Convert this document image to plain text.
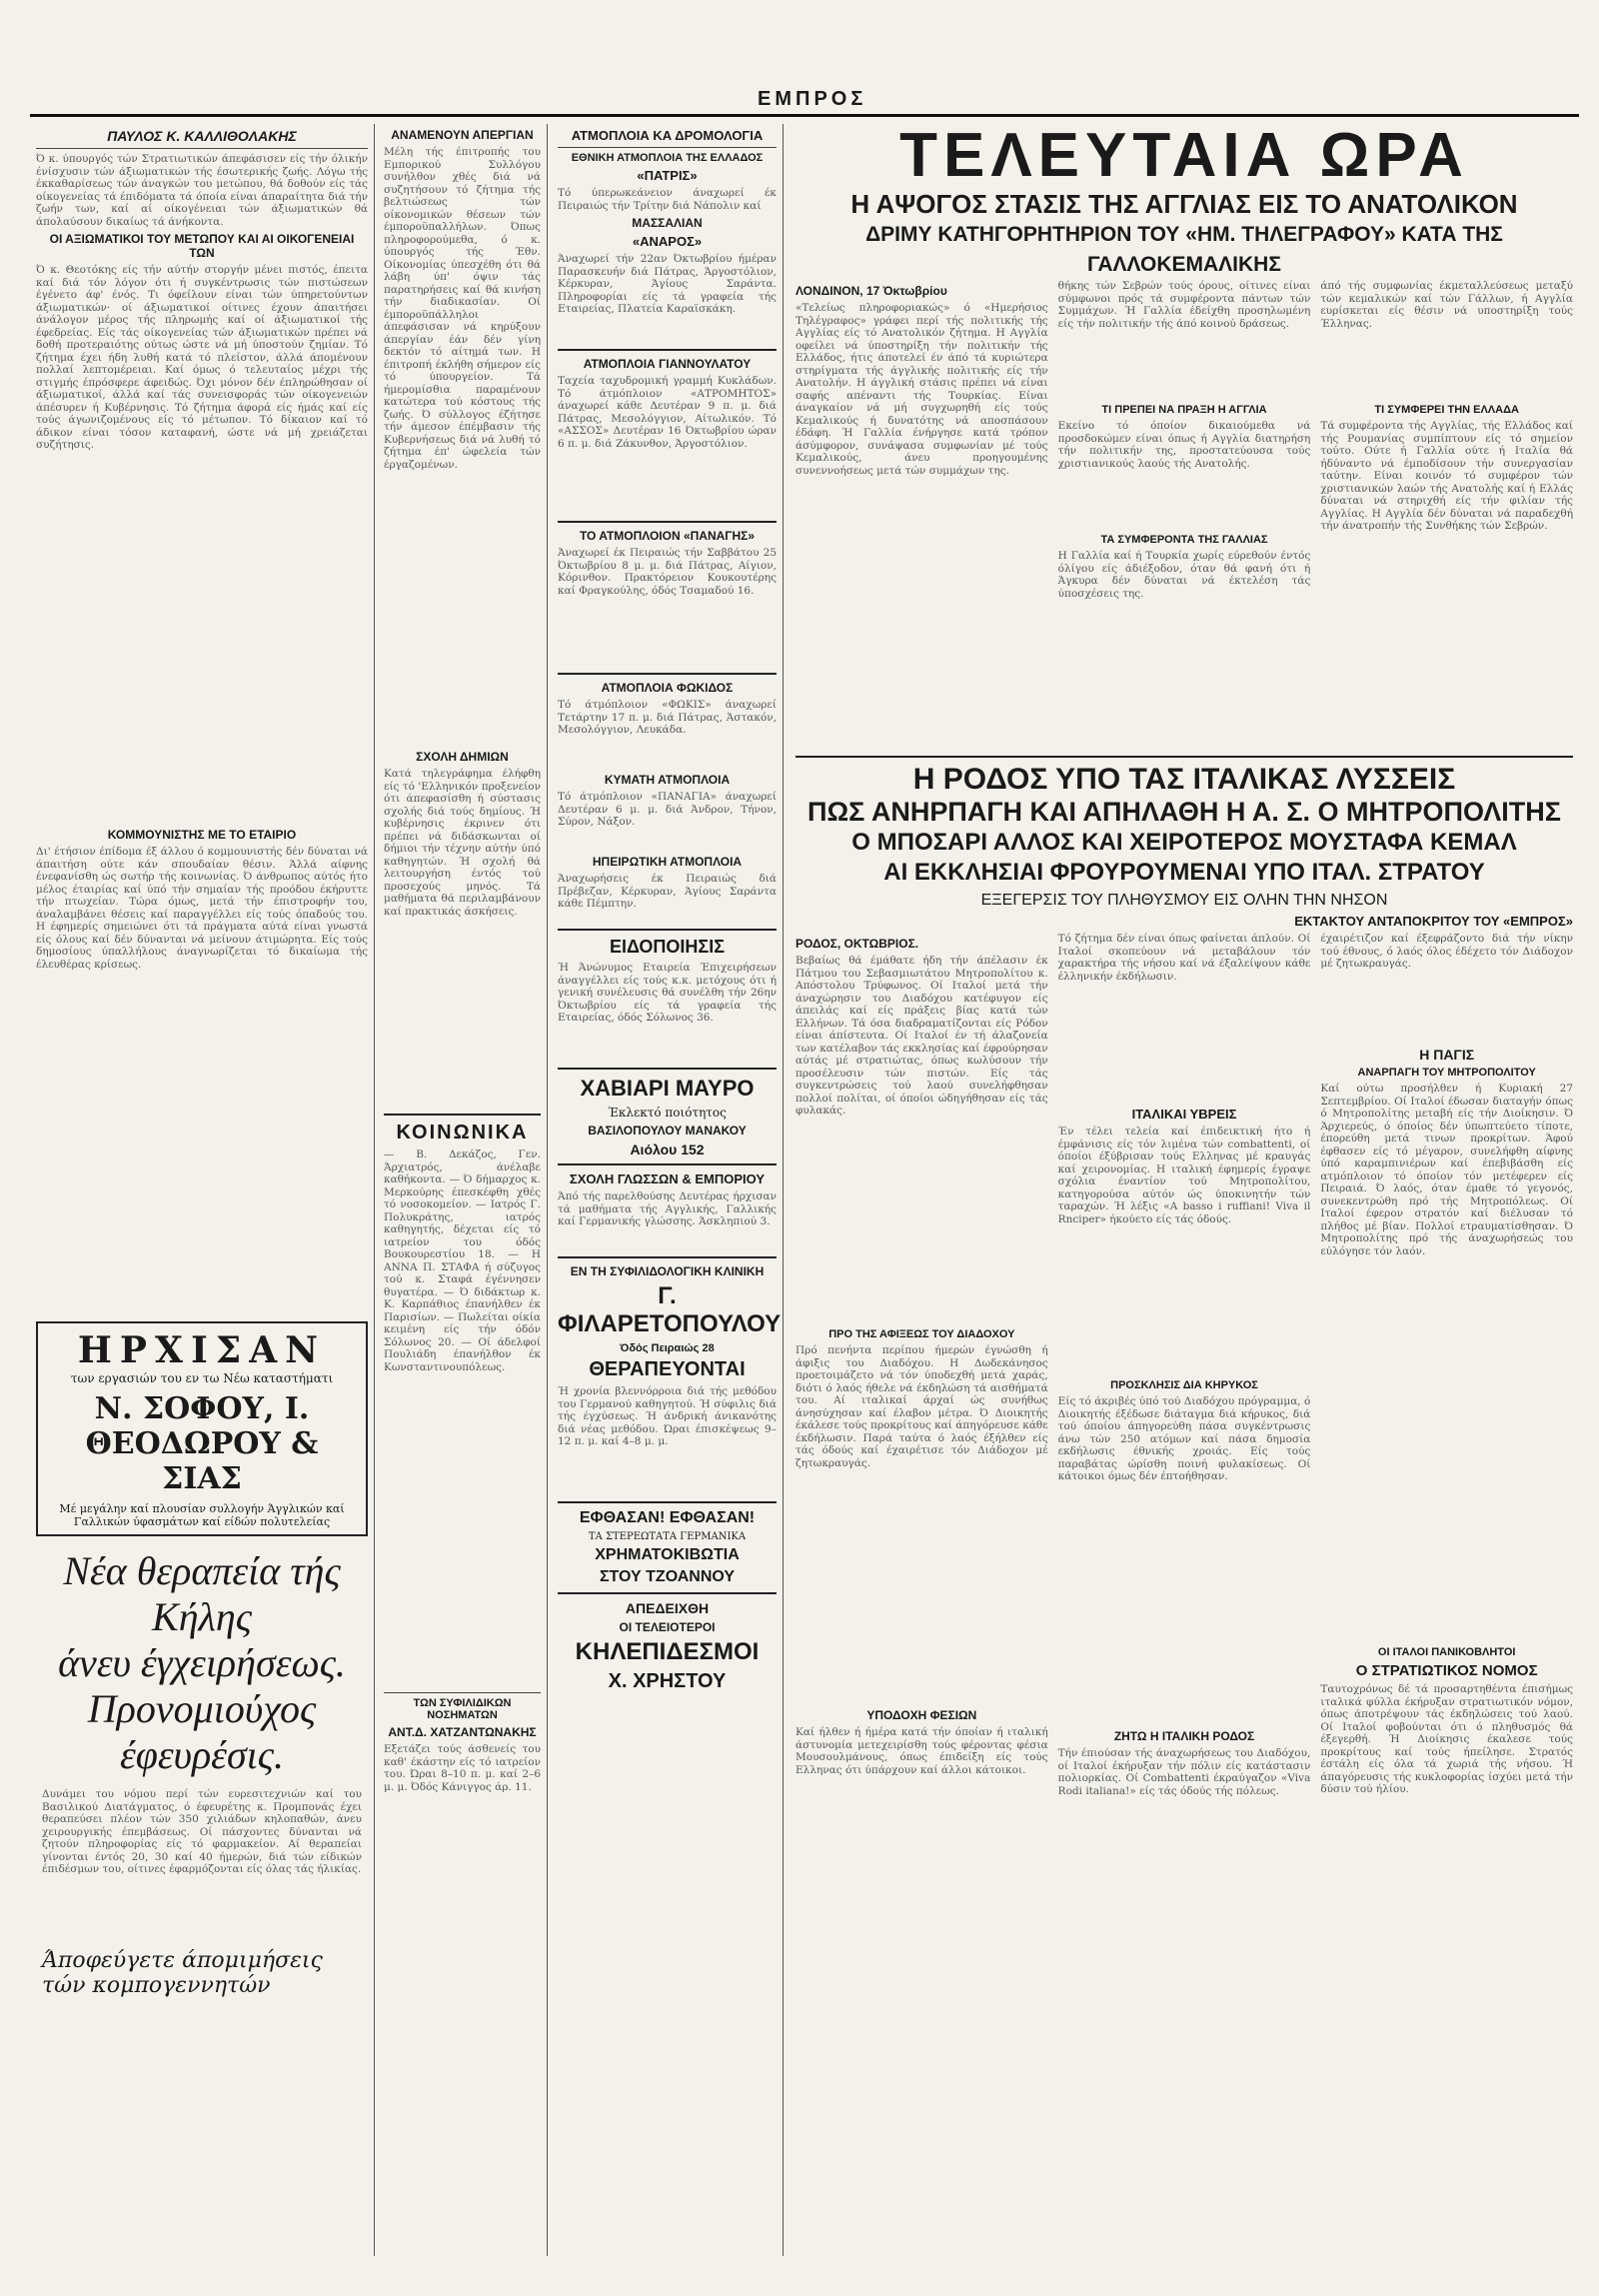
ΕΜΠΡΟΣ
ΠΑΥΛΟΣ Κ. ΚΑΛΛΙΘΟΛΑΚΗΣ
Ό κ. ύπουργός τών Στρατιωτικών άπεφάσισεν είς τήν όλικήν ένίσχυσιν τών άξιωματικών τής έσωτερικής ζωής. Λόγω τής έκκαθαρίσεως τών άναγκών του μετώπου, θά δοθούν είς τάς οίκογενείας τά έπιδόματα τά όποία είναι άπαραίτητα διά τήν ζωήν των, καί αί οίκογένειαι τών άξιωματικών θά άπολαύσουν δικαίως τά άνήκοντα.
ΟΙ ΑΞΙΩΜΑΤΙΚΟΙ ΤΟΥ ΜΕΤΩΠΟΥ ΚΑΙ ΑΙ ΟΙΚΟΓΕΝΕΙΑΙ ΤΩΝ
Ό κ. Θεοτόκης είς τήν αύτήν στοργήν μένει πιστός, έπειτα καί διά τόν λόγον ότι ή συγκέντρωσις τών πιστώσεων έγένετο άφ' ένός. Τι όφείλουν είναι τών ύπηρετούντων άξιωματικών· οί άξιωματικοί οίτινες έχουν άπαιτήσει άνάλογον μέρος τής πληρωμής καί οί άξιωματικοί τής έφεδρείας. Είς τάς οίκογενείας τών άξιωματικών πρέπει νά δοθή προτεραιότης ούτως ώστε νά μή ύποστούν ζημίαν. Τό ζήτημα έχει ήδη λυθή κατά τό πλείστον, άλλά άπομένουν πολλαί λεπτομέρειαι. Καί όμως ό τελευταίος μέχρι τής στιγμής έπρόσφερε άφειδώς. Όχι μόνον δέν έπληρώθησαν οί άξιωματικοί, άλλά καί τάς συνεισφοράς τών οίκογενειών άπέσυρεν ή Κυβέρνησις. Τό ζήτημα άφορά είς ήμάς καί είς τούς άγωνιζομένους είς τό μέτωπον. Τό δίκαιον καί τό άδικον είναι τόσον καταφανή, ώστε νά μή χρειάζεται συζήτησις.
ΚΟΜΜΟΥΝΙΣΤΗΣ ΜΕ ΤΟ ΕΤΑΙΡΙΟ
Δι' έτήσιον έπίδομα έξ άλλου ό κομμουνιστής δέν δύναται νά άπαιτήση ούτε κάν σπουδαίαν θέσιν. Άλλά αίφνης ένεφανίσθη ώς σωτήρ τής κοινωνίας. Ό άνθρωπος αύτός ήτο μέλος έταιρίας καί ύπό τήν σημαίαν τής προόδου έκήρυττε τήν πτωχείαν. Τώρα όμως, μετά τήν έπιστροφήν του, άναλαμβάνει θέσεις καί παραγγέλλει είς τούς όπαδούς του. Η έφημερίς σημειώνει ότι τά πράγματα αύτά είναι γνωστά είς όλους καί δέν δύνανται νά μείνουν άτιμώρητα. Είς τούς δημοσίους ύπαλλήλους άναγνωρίζεται τό δικαίωμα τής έλευθέρας κρίσεως.
ΗΡΧΙΣΑΝ
των εργασιών του εν τω Νέω καταστήματι
Ν. ΣΟΦΟΥ, Ι. ΘΕΟΔΩΡΟΥ & ΣΙΑΣ
Μέ μεγάλην καί πλουσίαν συλλογήν Άγγλικών καί Γαλλικών ύφασμάτων καί είδών πολυτελείας
Νέα θεραπεία τής Κήλης
άνευ έγχειρήσεως.
Προνομιούχος έφευρέσις.
Δυνάμει του νόμου περί τών ευρεσιτεχνιών καί του Βασιλικού Διατάγματος, ό έφευρέτης κ. Προμπονάς έχει θεραπεύσει πλέον τών 350 χιλιάδων κηλοπαθών, άνευ χειρουργικής έπεμβάσεως. Οί πάσχοντες δύνανται νά ζητούν πληροφορίας είς τό φαρμακείον. Αί θεραπείαι γίνονται έντός 20, 30 καί 40 ήμερών, διά τών είδικών έπιδέσμων του, οίτινες έφαρμόζονται είς όλας τάς ήλικίας.
Άποφεύγετε άπομιμήσεις τών κομπογεννητών
ΑΝΑΜΕΝΟΥΝ ΑΠΕΡΓΙΑΝ
Μέλη τής έπιτροπής του Εμπορικού Συλλόγου συνήλθον χθές διά νά συζητήσουν τό ζήτημα τής βελτιώσεως τών οίκονομικών θέσεων τών έμποροϋπαλλήλων. Όπως πληροφορούμεθα, ό κ. ύπουργός τής Έθν. Οίκονομίας ύπεσχέθη ότι θά λάβη ύπ' όψιν τάς παρατηρήσεις καί θά κινήση τήν διαδικασίαν. Οί έμποροϋπάλληλοι άπεφάσισαν νά κηρύξουν άπεργίαν έάν δέν γίνη δεκτόν τό αίτημά των. Η έπιτροπή έκλήθη σήμερον είς τό ύπουργείον. Τά ήμερομίσθια παραμένουν κατώτερα τού κόστους τής ζωής. Ό σύλλογος έζήτησε τήν άμεσον έπέμβασιν τής Κυβερνήσεως διά νά λυθή τό ζήτημα έπ' ώφελεία τών έργαζομένων.
ΣΧΟΛΗ ΔΗΜΙΩΝ
Κατά τηλεγράφημα έλήφθη είς τό 'Ελληνικόν προξενείον ότι άπεφασίσθη ή σύστασις σχολής διά τούς δημίους. Ή κυβέρνησις έκρινεν ότι πρέπει νά διδάσκωνται οί δήμιοι τήν τέχνην αύτήν ύπό καθηγητών. Ή σχολή θά λειτουργήση έντός τού προσεχούς μηνός. Τά μαθήματα θά περιλαμβάνουν καί πρακτικάς άσκήσεις.
ΚΟΙΝΩΝΙΚΑ
— Β. Δεκάζος, Γεν. Άρχιατρός, άνέλαβε καθήκοντα. — Ό δήμαρχος κ. Μερκούρης έπεσκέφθη χθές τό νοσοκομείον. — Ιατρός Γ. Πολυκράτης, ιατρός καθηγητής, δέχεται είς τό ιατρείον του όδός Βουκουρεστίου 18. — Η ΑΝΝΑ Π. ΣΤΑΦΑ ή σύζυγος τού κ. Σταφά έγέννησεν θυγατέρα. — Ό διδάκτωρ κ. Κ. Καρπάθιος έπανήλθεν έκ Παρισίων. — Πωλείται οίκία κειμένη είς τήν όδόν Σόλωνος 20. — Οί άδελφοί Πουλιάδη έπανήλθον έκ Κωνσταντινουπόλεως.
ΤΩΝ ΣΥΦΙΛΙΔΙΚΩΝ ΝΟΣΗΜΑΤΩΝ
ΑΝΤ.Δ. ΧΑΤΖΑΝΤΩΝΑΚΗΣ
Εξετάζει τούς άσθενείς του καθ' έκάστην είς τό ιατρείον του. Ώραι 8–10 π. μ. καί 2–6 μ. μ. Όδός Κάνιγγος άρ. 11.
ΑΤΜΟΠΛΟΙΑ ΚΑ ΔΡΟΜΟΛΟΓΙΑ
ΕΘΝΙΚΗ ΑΤΜΟΠΛΟΙΑ ΤΗΣ ΕΛΛΑΔΟΣ
«ΠΑΤΡΙΣ»
Τό ύπερωκεάνειον άναχωρεί έκ Πειραιώς τήν Τρίτην διά Νάπολιν καί
ΜΑΣΣΑΛΙΑΝ
«ΑΝΑΡΟΣ»
Άναχωρεί τήν 22αν Όκτωβρίου ήμέραν Παρασκευήν διά Πάτρας, Άργοστόλιον, Κέρκυραν, Άγίους Σαράντα. Πληροφορίαι είς τά γραφεία τής Εταιρείας, Πλατεία Καραϊσκάκη.
ΑΤΜΟΠΛΟΙΑ ΓΙΑΝΝΟΥΛΑΤΟΥ
Ταχεία ταχυδρομική γραμμή Κυκλάδων. Τό άτμόπλοιον «ΑΤΡΟΜΗΤΟΣ» άναχωρεί κάθε Δευτέραν 9 π. μ. διά Πάτρας, Μεσολόγγιον, Αίτωλικόν. Τό «ΑΣΣΟΣ» Δευτέραν 16 Όκτωβρίου ώραν 6 π. μ. διά Ζάκυνθον, Άργοστόλιον.
ΤΟ ΑΤΜΟΠΛΟΙΟΝ «ΠΑΝΑΓΗΣ»
Άναχωρεί έκ Πειραιώς τήν Σαββάτου 25 Όκτωβρίου 8 μ. μ. διά Πάτρας, Αίγιον, Κόρινθον. Πρακτόρειον Κουκουτέρης καί Φραγκούλης, όδός Τσαμαδού 16.
ΑΤΜΟΠΛΟΙΑ ΦΩΚΙΔΟΣ
Τό άτμόπλοιον «ΦΩΚΙΣ» άναχωρεί Τετάρτην 17 π. μ. διά Πάτρας, Άστακόν, Μεσολόγγιον, Λευκάδα.
ΚΥΜΑΤΗ ΑΤΜΟΠΛΟΙΑ
Τό άτμόπλοιον «ΠΑΝΑΓΙΑ» άναχωρεί Δευτέραν 6 μ. μ. διά Άνδρον, Τήνον, Σύρον, Νάξον.
ΗΠΕΙΡΩΤΙΚΗ ΑΤΜΟΠΛΟΙΑ
Άναχωρήσεις έκ Πειραιώς διά Πρέβεζαν, Κέρκυραν, Άγίους Σαράντα κάθε Πέμπτην.
ΕΙΔΟΠΟΙΗΣΙΣ
Ή Άνώνυμος Εταιρεία Έπιχειρήσεων άναγγέλλει είς τούς κ.κ. μετόχους ότι ή γενική συνέλευσις θά συνέλθη τήν 26ην Όκτωβρίου είς τά γραφεία τής Εταιρείας, όδός Σόλωνος 36.
ΧΑΒΙΑΡΙ ΜΑΥΡΟ
Έκλεκτό ποιότητος
ΒΑΣΙΛΟΠΟΥΛΟΥ ΜΑΝΑΚΟΥ
Αιόλου 152
ΣΧΟΛΗ ΓΛΩΣΣΩΝ & ΕΜΠΟΡΙΟΥ
Άπό τής παρελθούσης Δευτέρας ήρχισαν τά μαθήματα τής Αγγλικής, Γαλλικής καί Γερμανικής γλώσσης. Άσκληπιού 3.
ΕΝ ΤΗ ΣΥΦΙΛΙΔΟΛΟΓΙΚΗ ΚΛΙΝΙΚΗ
Γ. ΦΙΛΑΡΕΤΟΠΟΥΛΟΥ
Όδός Πειραιώς 28
ΘΕΡΑΠΕΥΟΝΤΑΙ
Ή χρονία βλεννόρροια διά τής μεθόδου του Γερμανού καθηγητού. Ή σύφιλις διά τής έγχύσεως. Ή άνδρική άνικανότης διά νέας μεθόδου. Ώραι έπισκέψεως 9–12 π. μ. καί 4–8 μ. μ.
ΕΦΘΑΣΑΝ! ΕΦΘΑΣΑΝ!
ΤΑ ΣΤΕΡΕΩΤΑΤΑ ΓΕΡΜΑΝΙΚΑ
ΧΡΗΜΑΤΟΚΙΒΩΤΙΑ
ΣΤΟΥ ΤΖΟΑΝΝΟΥ
ΑΠΕΔΕΙΧΘΗ
ΟΙ ΤΕΛΕΙΟΤΕΡΟΙ
ΚΗΛΕΠΙΔΕΣΜΟΙ
Χ. ΧΡΗΣΤΟΥ
ΤΕΛΕΥΤΑΙΑ ΩΡΑ
Η ΑΨΟΓΟΣ ΣΤΑΣΙΣ ΤΗΣ ΑΓΓΛΙΑΣ ΕΙΣ ΤΟ ΑΝΑΤΟΛΙΚΟΝ
ΔΡΙΜΥ ΚΑΤΗΓΟΡΗΤΗΡΙΟΝ ΤΟΥ «ΗΜ. ΤΗΛΕΓΡΑΦΟΥ» ΚΑΤΑ ΤΗΣ ΓΑΛΛΟΚΕΜΑΛΙΚΗΣ
ΛΟΝΔΙΝΟΝ, 17 Όκτωβρίου
«Τελείως πληροφοριακώς» ό «Ημερήσιος Τηλέγραφος» γράφει περί τής πολιτικής τής Αγγλίας είς τό Ανατολικόν ζήτημα. Η Αγγλία οφείλει νά ύποστηρίξη τήν πολιτικήν τής Ελλάδος, ήτις άποτελεί έν άπό τά κυριώτερα στηρίγματα τής άγγλικής πολιτικής είς τήν Ανατολήν. Η άγγλική στάσις πρέπει νά είναι σαφής απέναντι τής Τουρκίας. Είναι άναγκαίον νά μή συγχωρηθή είς τούς Κεμαλικούς ή δυνατότης νά αποσπάσουν έδάφη. Ή Γαλλία ένήργησε κατά τρόπον άσύμφορον, συνάψασα συμφωνίαν μέ τούς Κεμαλικούς, άνευ προηγουμένης συνεννοήσεως μετά τών συμμάχων της.
θήκης τών Σεβρών τούς όρους, οίτινες είναι σύμφωνοι πρός τά συμφέροντα πάντων τών Συμμάχων. Ή Γαλλία έδείχθη προσηλωμένη είς τήν πολιτικήν τής άπό κοινού δράσεως.
ΤΙ ΠΡΕΠΕΙ ΝΑ ΠΡΑΞΗ Η ΑΓΓΛΙΑ
Εκείνο τό όποίον δικαιούμεθα νά προσδοκώμεν είναι όπως ή Αγγλία διατηρήση τήν πολιτικήν της, προστατεύουσα τούς χριστιανικούς λαούς τής Ανατολής.
ΤΑ ΣΥΜΦΕΡΟΝΤΑ ΤΗΣ ΓΑΛΛΙΑΣ
Η Γαλλία καί ή Τουρκία χωρίς εύρεθούν έντός όλίγου είς άδιέξοδον, όταν θά φανή ότι ή Άγκυρα δέν δύναται νά έκτελέση τάς ύποσχέσεις της.
άπό τής συμφωνίας έκμεταλλεύσεως μεταξύ τών κεμαλικών καί τών Γάλλων, ή Αγγλία ευρίσκεται είς θέσιν νά υποστηρίξη τούς Έλληνας.
ΤΙ ΣΥΜΦΕΡΕΙ ΤΗΝ ΕΛΛΑΔΑ
Τά συμφέροντα τής Αγγλίας, τής Ελλάδος καί τής Ρουμανίας συμπίπτουν είς τό σημείον τούτο. Ούτε ή Γαλλία ούτε ή Ιταλία θά ήδύναντο νά έμποδίσουν τήν συνεργασίαν ταύτην. Είναι κοινόν τό συμφέρον τών χριστιανικών λαών τής Ανατολής καί ή Ελλάς δύναται νά στηριχθή είς τήν φιλίαν τής Αγγλίας. Η Αγγλία δέν δύναται νά παραδεχθή τήν άνατροπήν τής Συνθήκης τών Σεβρών.
Η ΡΟΔΟΣ ΥΠΟ ΤΑΣ ΙΤΑΛΙΚΑΣ ΛΥΣΣΕΙΣ
ΠΩΣ ΑΝΗΡΠΑΓΗ ΚΑΙ ΑΠΗΛΑΘΗ Η Α. Σ. Ο ΜΗΤΡΟΠΟΛΙΤΗΣ
Ο ΜΠΟΣΑΡΙ ΑΛΛΟΣ ΚΑΙ ΧΕΙΡΟΤΕΡΟΣ ΜΟΥΣΤΑΦΑ ΚΕΜΑΛ
ΑΙ ΕΚΚΛΗΣΙΑΙ ΦΡΟΥΡΟΥΜΕΝΑΙ ΥΠΟ ΙΤΑΛ. ΣΤΡΑΤΟΥ
ΕΞΕΓΕΡΣΙΣ ΤΟΥ ΠΛΗΘΥΣΜΟΥ ΕΙΣ ΟΛΗΝ ΤΗΝ ΝΗΣΟΝ
ΕΚΤΑΚΤΟΥ ΑΝΤΑΠΟΚΡΙΤΟΥ ΤΟΥ «ΕΜΠΡΟΣ»
ΡΟΔΟΣ, ΟΚΤΩΒΡΙΟΣ.
Βεβαίως θά έμάθατε ήδη τήν άπέλασιν έκ Πάτμου του Σεβασμιωτάτου Μητροπολίτου κ. Απόστολου Τρύφωνος. Οί Ιταλοί μετά τήν άναχώρησιν του Διαδόχου κατέφυγον είς άπειλάς καί είς πράξεις βίας κατά τών Ελλήνων. Τά όσα διαδραματίζονται είς Ρόδον είναι άπίστευτα. Οί Ιταλοί έν τή άλαζονεία των κατέλαβον τάς εκκλησίας καί έφρούρησαν αύτάς μέ στρατιώτας, όπως κωλύσουν τήν προσέλευσιν τών πιστών. Είς τάς συγκεντρώσεις τού λαού συνελήφθησαν πολλοί πολίται, οί όποίοι ώδηγήθησαν είς τάς φυλακάς.
ΠΡΟ ΤΗΣ ΑΦΙΞΕΩΣ ΤΟΥ ΔΙΑΔΟΧΟΥ
Πρό πενήντα περίπου ήμερών έγνώσθη ή άφιξις του Διαδόχου. Η Δωδεκάνησος προετοιμάζετο νά τόν ύποδεχθή μετά χαράς, διότι ό λαός ήθελε νά έκδηλώση τά αισθήματά του. Αί ιταλικαί άρχαί ώς συνήθως άνησύχησαν καί έλαβον μέτρα. Ό Διοικητής έκάλεσε τούς προκρίτους καί άπηγόρευσε κάθε έκδήλωσιν. Παρά ταύτα ό λαός έξήλθεν είς τάς όδούς καί έχαιρέτισε τόν Διάδοχον μέ ζητωκραυγάς.
ΥΠΟΔΟΧΗ ΦΕΣΙΩΝ
Καί ήλθεν ή ήμέρα κατά τήν όποίαν ή ιταλική άστυνομία μετεχειρίσθη τούς φέροντας φέσια Μουσουλμάνους, όπως έπιδείξη είς τούς Ελληνας ότι ύπάρχουν καί άλλοι κάτοικοι.
Τό ζήτημα δέν είναι όπως φαίνεται άπλούν. Οί Ιταλοί σκοπεύουν νά μεταβάλουν τόν χαρακτήρα τής νήσου καί νά έξαλείψουν κάθε έλληνικήν έκδήλωσιν.
ΙΤΑΛΙΚΑΙ ΥΒΡΕΙΣ
Έν τέλει τελεία καί έπιδεικτική ήτο ή έμφάνισις είς τόν λιμένα τών combattenti, οί όποίοι έξύβρισαν τούς Ελληνας μέ κραυγάς καί χειρονομίας. Η ιταλική έφημερίς έγραψε σχόλια έναντίον τού Μητροπολίτου, κατηγορούσα αύτόν ώς ύποκινητήν τών ταραχών. Ή λέξις «A basso i ruffiani! Viva il Rnciper» ήκούετο είς τάς όδούς.
ΠΡΟΣΚΛΗΣΙΣ ΔΙΑ ΚΗΡΥΚΟΣ
Είς τό άκριβές ύπό τού Διαδόχου πρόγραμμα, ό Διοικητής έξέδωσε διάταγμα διά κήρυκος, διά τού όποίου άπηγορεύθη πάσα συγκέντρωσις άνω τών 250 ατόμων καί πάσα δημοσία εκδήλωσις έθνικής χροιάς. Είς τούς παραβάτας ώρίσθη ποινή φυλακίσεως. Οί κάτοικοι όμως δέν έπτοήθησαν.
ΖΗΤΩ Η ΙΤΑΛΙΚΗ ΡΟΔΟΣ
Τήν έπιούσαν τής άναχωρήσεως του Διαδόχου, οί Ιταλοί έκήρυξαν τήν πόλιν είς κατάστασιν πολιορκίας. Οί Combattenti έκραύγαζον «Viva Rodi italiana!» είς τάς όδούς τής πόλεως.
έχαιρέτιζον καί έξεφράζοντο διά τήν νίκην τού έθνους, ό λαός όλος έδέχετο τόν Διάδοχον μέ ζητωκραυγάς.
Η ΠΑΓΙΣ
ΑΝΑΡΠΑΓΗ ΤΟΥ ΜΗΤΡΟΠΟΛΙΤΟΥ
Καί ούτω προσήλθεν ή Κυριακή 27 Σεπτεμβρίου. Οί Ιταλοί έδωσαν διαταγήν όπως ό Μητροπολίτης μεταβή είς τήν Διοίκησιν. Ό Άρχιερεύς, ό όποίος δέν ύπωπτεύετο τίποτε, έπορεύθη μετά τινων προκρίτων. Άφού έφθασεν είς τό μέγαρον, συνελήφθη αίφνης ύπό καραμπινιέρων καί έπεβιβάσθη είς ατμόπλοιον τό όποίον τόν μετέφερεν είς Πειραιά. Ό λαός, όταν έμαθε τό γεγονός, συνεκεντρώθη πρό τής Μητροπόλεως. Οί Ιταλοί έφερον στρατόν καί διέλυσαν τό πλήθος μέ βίαν. Πολλοί ετραυματίσθησαν. Ό Μητροπολίτης πρό τής άναχωρήσεώς του εύλόγησε τόν λαόν.
ΟΙ ΙΤΑΛΟΙ ΠΑΝΙΚΟΒΛΗΤΟΙ
Ο ΣΤΡΑΤΙΩΤΙΚΟΣ ΝΟΜΟΣ
Ταυτοχρόνως δέ τά προσαρτηθέντα έπισήμως ιταλικά φύλλα έκήρυξαν στρατιωτικόν νόμον, όπως άποτρέψουν τάς έκδηλώσεις τού λαού. Οί Ιταλοί φοβούνται ότι ό πληθυσμός θά έξεγερθή. Ή Διοίκησις έκαλεσε τούς προκρίτους καί τούς ήπείλησε. Στρατός έστάλη είς όλα τά χωριά τής νήσου. Ή άπαγόρευσις τής κυκλοφορίας ίσχύει μετά τήν δύσιν τού ήλίου.
